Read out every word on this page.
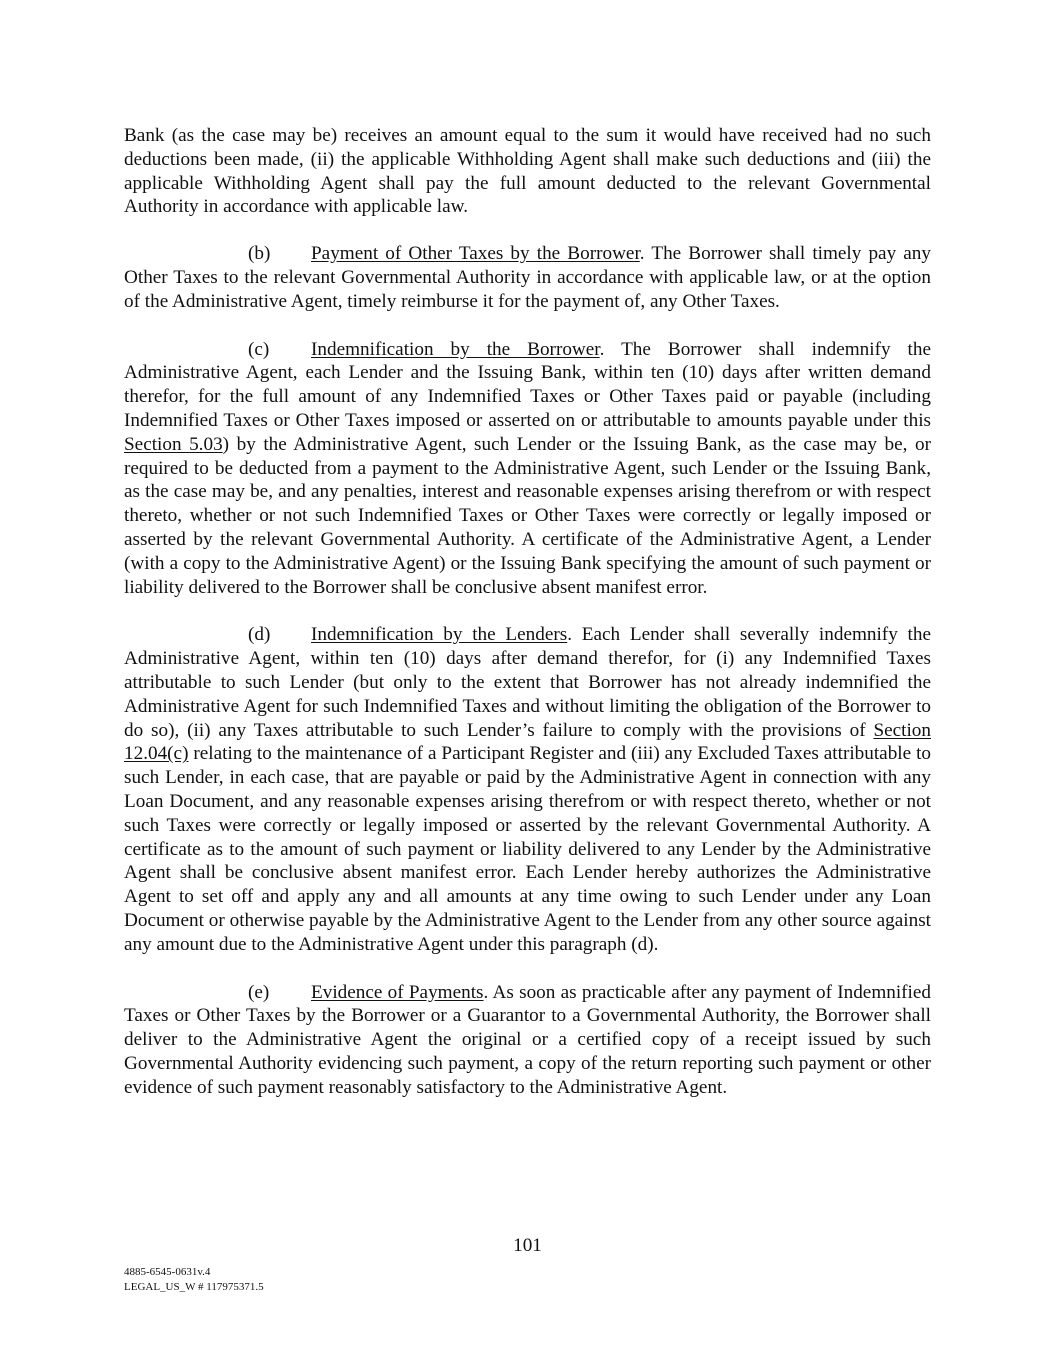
Bank (as the case may be) receives an amount equal to the sum it would have received had no such deductions been made, (ii) the applicable Withholding Agent shall make such deductions and (iii) the applicable Withholding Agent shall pay the full amount deducted to the relevant Governmental Authority in accordance with applicable law.

(b) Payment of Other Taxes by the Borrower. The Borrower shall timely pay any Other Taxes to the relevant Governmental Authority in accordance with applicable law, or at the option of the Administrative Agent, timely reimburse it for the payment of, any Other Taxes.

(c) Indemnification by the Borrower. The Borrower shall indemnify the Administrative Agent, each Lender and the Issuing Bank, within ten (10) days after written demand therefor, for the full amount of any Indemnified Taxes or Other Taxes paid or payable (including Indemnified Taxes or Other Taxes imposed or asserted on or attributable to amounts payable under this Section 5.03) by the Administrative Agent, such Lender or the Issuing Bank, as the case may be, or required to be deducted from a payment to the Administrative Agent, such Lender or the Issuing Bank, as the case may be, and any penalties, interest and reasonable expenses arising therefrom or with respect thereto, whether or not such Indemnified Taxes or Other Taxes were correctly or legally imposed or asserted by the relevant Governmental Authority. A certificate of the Administrative Agent, a Lender (with a copy to the Administrative Agent) or the Issuing Bank specifying the amount of such payment or liability delivered to the Borrower shall be conclusive absent manifest error.

(d) Indemnification by the Lenders. Each Lender shall severally indemnify the Administrative Agent, within ten (10) days after demand therefor, for (i) any Indemnified Taxes attributable to such Lender (but only to the extent that Borrower has not already indemnified the Administrative Agent for such Indemnified Taxes and without limiting the obligation of the Borrower to do so), (ii) any Taxes attributable to such Lender’s failure to comply with the provisions of Section 12.04(c) relating to the maintenance of a Participant Register and (iii) any Excluded Taxes attributable to such Lender, in each case, that are payable or paid by the Administrative Agent in connection with any Loan Document, and any reasonable expenses arising therefrom or with respect thereto, whether or not such Taxes were correctly or legally imposed or asserted by the relevant Governmental Authority. A certificate as to the amount of such payment or liability delivered to any Lender by the Administrative Agent shall be conclusive absent manifest error. Each Lender hereby authorizes the Administrative Agent to set off and apply any and all amounts at any time owing to such Lender under any Loan Document or otherwise payable by the Administrative Agent to the Lender from any other source against any amount due to the Administrative Agent under this paragraph (d).

(e) Evidence of Payments. As soon as practicable after any payment of Indemnified Taxes or Other Taxes by the Borrower or a Guarantor to a Governmental Authority, the Borrower shall deliver to the Administrative Agent the original or a certified copy of a receipt issued by such Governmental Authority evidencing such payment, a copy of the return reporting such payment or other evidence of such payment reasonably satisfactory to the Administrative Agent.

101
4885-6545-0631v.4
LEGAL_US_W # 117975371.5
